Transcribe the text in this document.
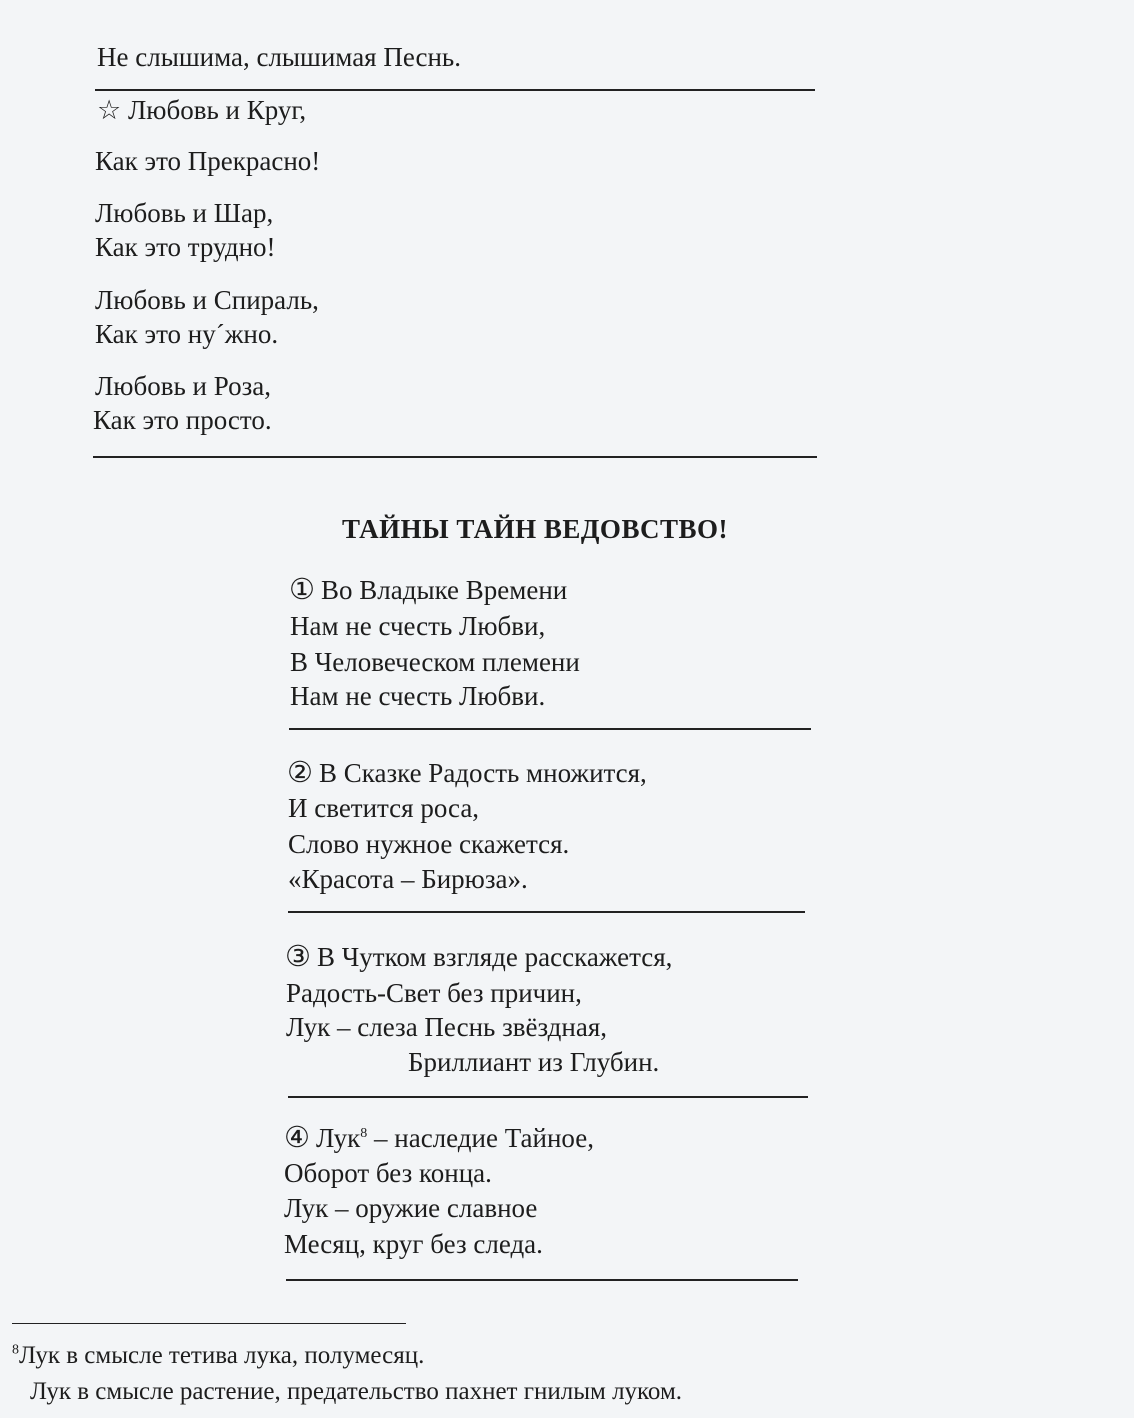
Не слышима, слышимая Песнь.
☆ Любовь и Круг,
Как это Прекрасно!
Любовь и Шар,
Как это трудно!
Любовь и Спираль,
Как это ну´жно.
Любовь и Роза,
Как это просто.
ТАЙНЫ ТАЙН ВЕДОВСТВО!
① Во Владыке Времени
Нам не счесть Любви,
В Человеческом племени
Нам не счесть Любви.
② В Сказке Радость множится,
И светится роса,
Слово нужное скажется.
«Красота – Бирюза».
③ В Чутком взгляде расскажется,
Радость-Свет без причин,
Лук – слеза Песнь звёздная,
Бриллиант из Глубин.
④ Лук$^8$ – наследие Тайное,
Оборот без конца.
Лук – оружие славное
Месяц, круг без следа.
$^8$Лук в смысле тетива лука, полумесяц.
Лук в смысле растение, предательство пахнет гнилым луком.
